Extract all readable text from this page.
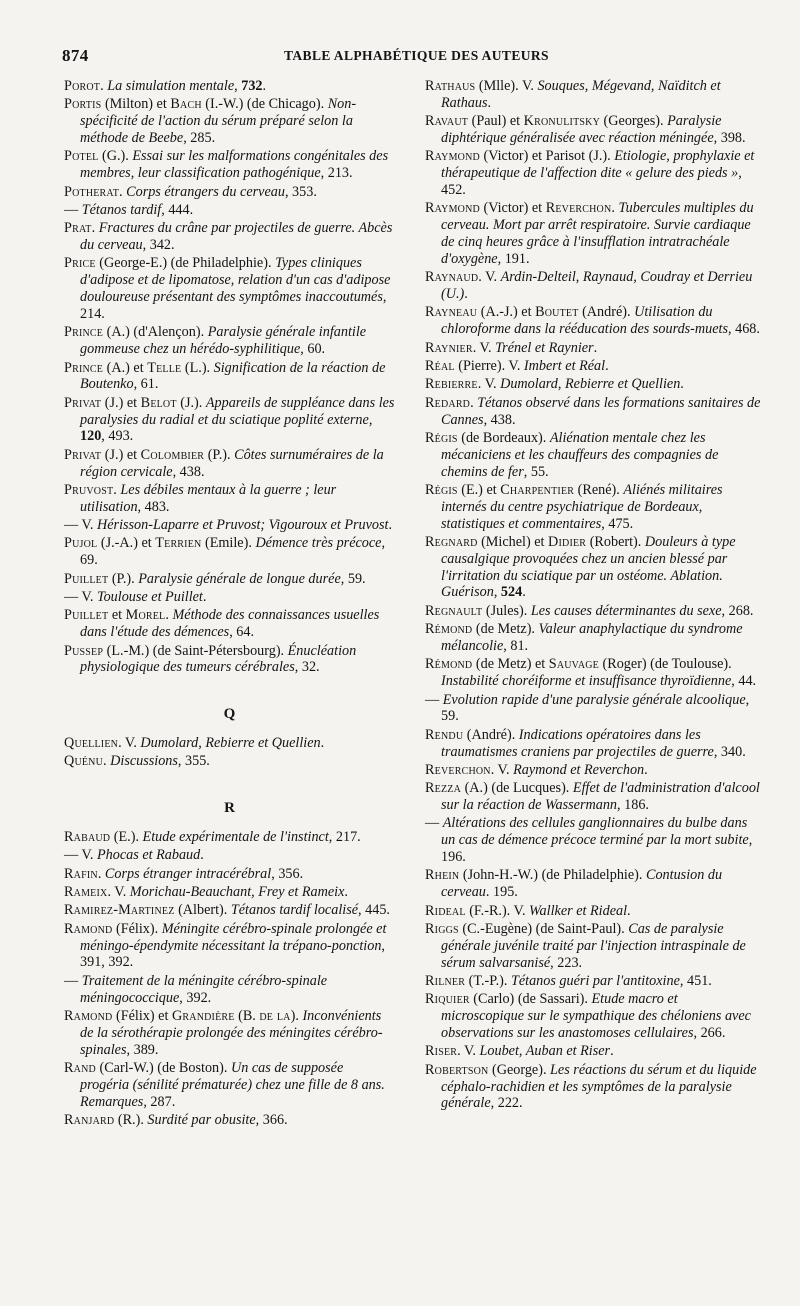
874	TABLE ALPHABÉTIQUE DES AUTEURS

Porot. La simulation mentale, 732.

Portis (Milton) et Bach (I.-W.) (de Chicago). Non-spécificité de l'action du sérum préparé selon la méthode de Beebe, 285.

Potel (G.). Essai sur les malformations congénitales des membres, leur classification pathogénique, 213.

Potherat. Corps étrangers du cerveau, 353.

— Tétanos tardif, 444.

Prat. Fractures du crâne par projectiles de guerre. Abcès du cerveau, 342.

Price (George-E.) (de Philadelphie). Types cliniques d'adipose et de lipomatose, relation d'un cas d'adipose douloureuse présentant des symptômes inaccoutumés, 214.

Prince (A.) (d'Alençon). Paralysie générale infantile gommeuse chez un hérédo-syphilitique, 60.

Prince (A.) et Telle (L.). Signification de la réaction de Boutenko, 61.

Privat (J.) et Belot (J.). Appareils de suppléance dans les paralysies du radial et du sciatique poplité externe, 120, 493.

Privat (J.) et Colombier (P.). Côtes surnuméraires de la région cervicale, 438.

Pruvost. Les débiles mentaux à la guerre ; leur utilisation, 483.

— V. Hérisson-Laparre et Pruvost; Vigouroux et Pruvost.

Pujol (J.-A.) et Terrien (Emile). Démence très précoce, 69.

Puillet (P.). Paralysie générale de longue durée, 59.

— V. Toulouse et Puillet.

Puillet et Morel. Méthode des connaissances usuelles dans l'étude des démences, 64.

Pussep (L.-M.) (de Saint-Pétersbourg). Énucléation physiologique des tumeurs cérébrales, 32.

Q

Quellien. V. Dumolard, Rebierre et Quellien.

Quénu. Discussions, 355.

R

Rabaud (E.). Etude expérimentale de l'instinct, 217.

— V. Phocas et Rabaud.

Rafin. Corps étranger intracérébral, 356.

Rameix. V. Morichau-Beauchant, Frey et Rameix.

Ramirez-Martinez (Albert). Tétanos tardif localisé, 445.

Ramond (Félix). Méningite cérébro-spinale prolongée et méningo-épendymite nécessitant la trépano-ponction, 391, 392.

— Traitement de la méningite cérébro-spinale méningococcique, 392.

Ramond (Félix) et Grandière (B. de la). Inconvénients de la sérothérapie prolongée des méningites cérébro-spinales, 389.

Rand (Carl-W.) (de Boston). Un cas de supposée progéria (sénilité prématurée) chez une fille de 8 ans. Remarques, 287.

Ranjard (R.). Surdité par obusite, 366.

Rathaus (Mlle). V. Souques, Mégevand, Naïditch et Rathaus.

Ravaut (Paul) et Kronulitsky (Georges). Paralysie diphtérique généralisée avec réaction méningée, 398.

Raymond (Victor) et Parisot (J.). Etiologie, prophylaxie et thérapeutique de l'affection dite « gelure des pieds », 452.

Raymond (Victor) et Reverchon. Tubercules multiples du cerveau. Mort par arrêt respiratoire. Survie cardiaque de cinq heures grâce à l'insufflation intratrachéale d'oxygène, 191.

Raynaud. V. Ardin-Delteil, Raynaud, Coudray et Derrieu (U.).

Rayneau (A.-J.) et Boutet (André). Utilisation du chloroforme dans la rééducation des sourds-muets, 468.

Raynier. V. Trénel et Raynier.

Réal (Pierre). V. Imbert et Réal.

Rebierre. V. Dumolard, Rebierre et Quellien.

Redard. Tétanos observé dans les formations sanitaires de Cannes, 438.

Régis (de Bordeaux). Aliénation mentale chez les mécaniciens et les chauffeurs des compagnies de chemins de fer, 55.

Régis (E.) et Charpentier (René). Aliénés militaires internés du centre psychiatrique de Bordeaux, statistiques et commentaires, 475.

Regnard (Michel) et Didier (Robert). Douleurs à type causalgique provoquées chez un ancien blessé par l'irritation du sciatique par un ostéome. Ablation. Guérison, 524.

Regnault (Jules). Les causes déterminantes du sexe, 268.

Rémond (de Metz). Valeur anaphylactique du syndrome mélancolie, 81.

Rémond (de Metz) et Sauvage (Roger) (de Toulouse). Instabilité choréiforme et insuffisance thyroïdienne, 44.

— Evolution rapide d'une paralysie générale alcoolique, 59.

Rendu (André). Indications opératoires dans les traumatismes craniens par projectiles de guerre, 340.

Reverchon. V. Raymond et Reverchon.

Rezza (A.) (de Lucques). Effet de l'administration d'alcool sur la réaction de Wassermann, 186.

— Altérations des cellules ganglionnaires du bulbe dans un cas de démence précoce terminé par la mort subite, 196.

Rhein (John-H.-W.) (de Philadelphie). Contusion du cerveau. 195.

Rideal (F.-R.). V. Wallker et Rideal.

Riggs (C.-Eugène) (de Saint-Paul). Cas de paralysie générale juvénile traité par l'injection intraspinale de sérum salvarsanisé, 223.

Rilner (T.-P.). Tétanos guéri par l'antitoxine, 451.

Riquier (Carlo) (de Sassari). Etude macro et microscopique sur le sympathique des chéloniens avec observations sur les anastomoses cellulaires, 266.

Riser. V. Loubet, Auban et Riser.

Robertson (George). Les réactions du sérum et du liquide céphalo-rachidien et les symptômes de la paralysie générale, 222.
